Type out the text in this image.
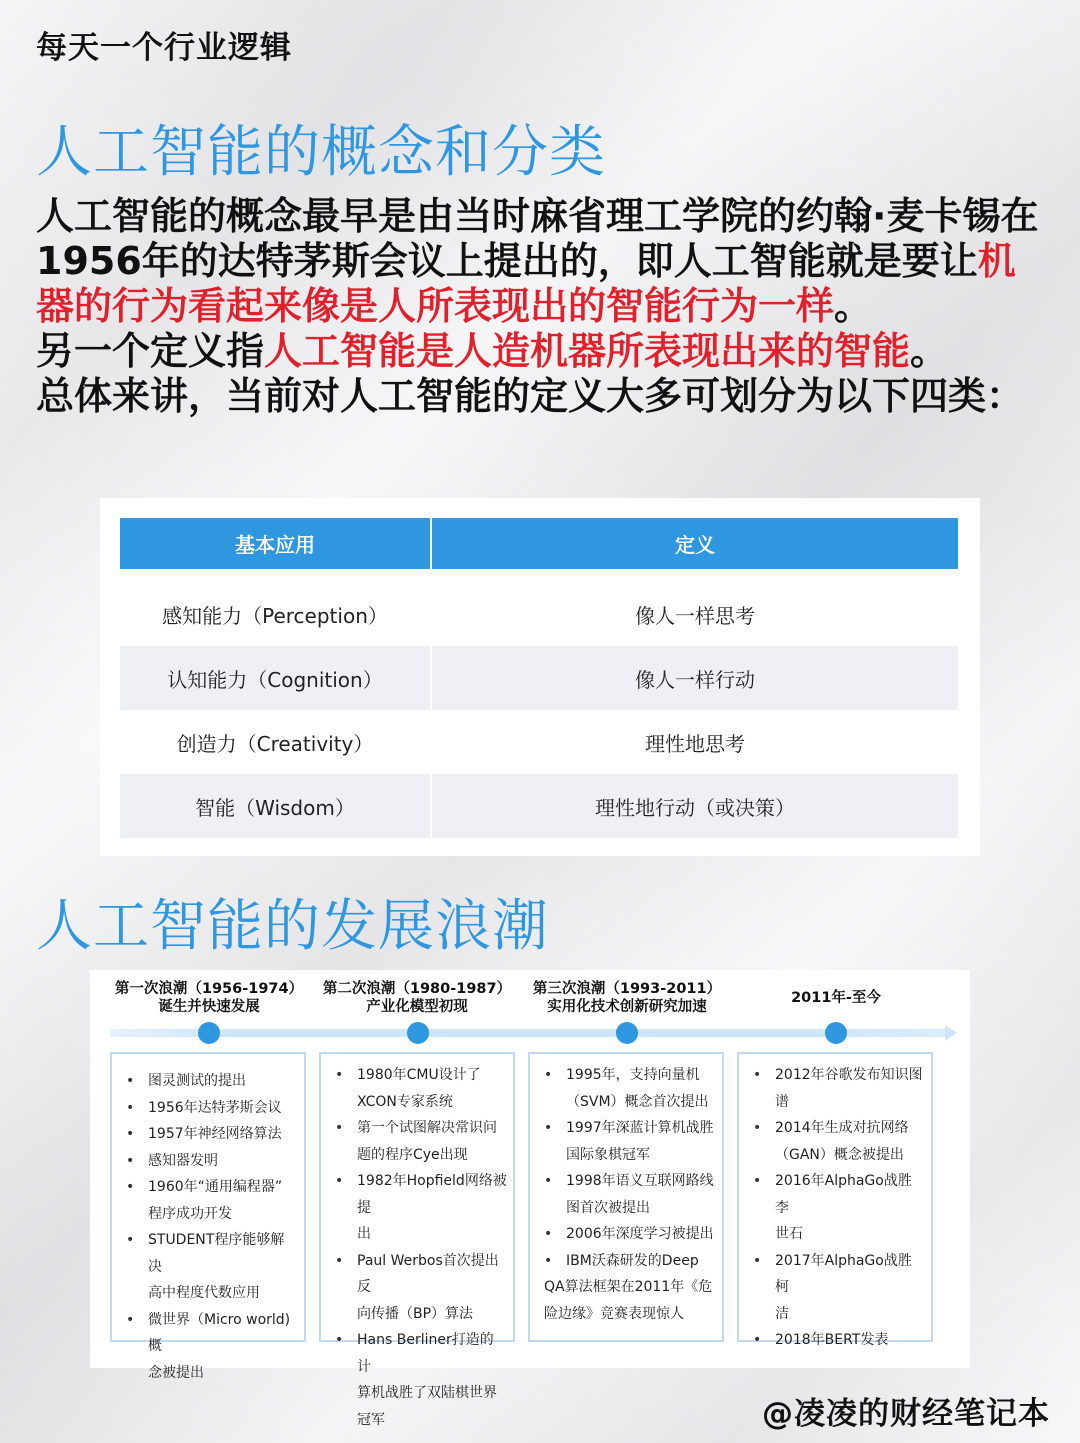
每天一个行业逻辑
人工智能的概念和分类
人工智能的概念最早是由当时麻省理工学院的约翰·麦卡锡在1956年的达特茅斯会议上提出的，即人工智能就是要让机器的行为看起来像是人所表现出的智能行为一样。
另一个定义指人工智能是人造机器所表现出来的智能。
总体来讲，当前对人工智能的定义大多可划分为以下四类：
基本应用	定义
感知能力（Perception）	像人一样思考
认知能力（Cognition）	像人一样行动
创造力（Creativity）	理性地思考
智能（Wisdom）	理性地行动（或决策）
人工智能的发展浪潮
第一次浪潮（1956-1974）
诞生并快速发展
第二次浪潮（1980-1987）
产业化模型初现
第三次浪潮（1993-2011）
实用化技术创新研究加速
2011年-至今
• 图灵测试的提出
• 1956年达特茅斯会议
• 1957年神经网络算法
• 感知器发明
• 1960年“通用编程器”
程序成功开发
• STUDENT程序能够解决
高中程度代数应用
• 微世界（Micro world)概
念被提出
• 1980年CMU设计了
XCON专家系统
• 第一个试图解决常识问
题的程序Cye出现
• 1982年Hopfield网络被提
出
• Paul Werbos首次提出反
向传播（BP）算法
• Hans Berliner打造的计
算机战胜了双陆棋世界
冠军
• 1995年，支持向量机
（SVM）概念首次提出
• 1997年深蓝计算机战胜
国际象棋冠军
• 1998年语义互联网路线
图首次被提出
• 2006年深度学习被提出
• IBM沃森研发的Deep
QA算法框架在2011年《危
险边缘》竞赛表现惊人
• 2012年谷歌发布知识图
谱
• 2014年生成对抗网络
（GAN）概念被提出
• 2016年AlphaGo战胜李
世石
• 2017年AlphaGo战胜柯
洁
• 2018年BERT发表
@凌凌的财经笔记本
